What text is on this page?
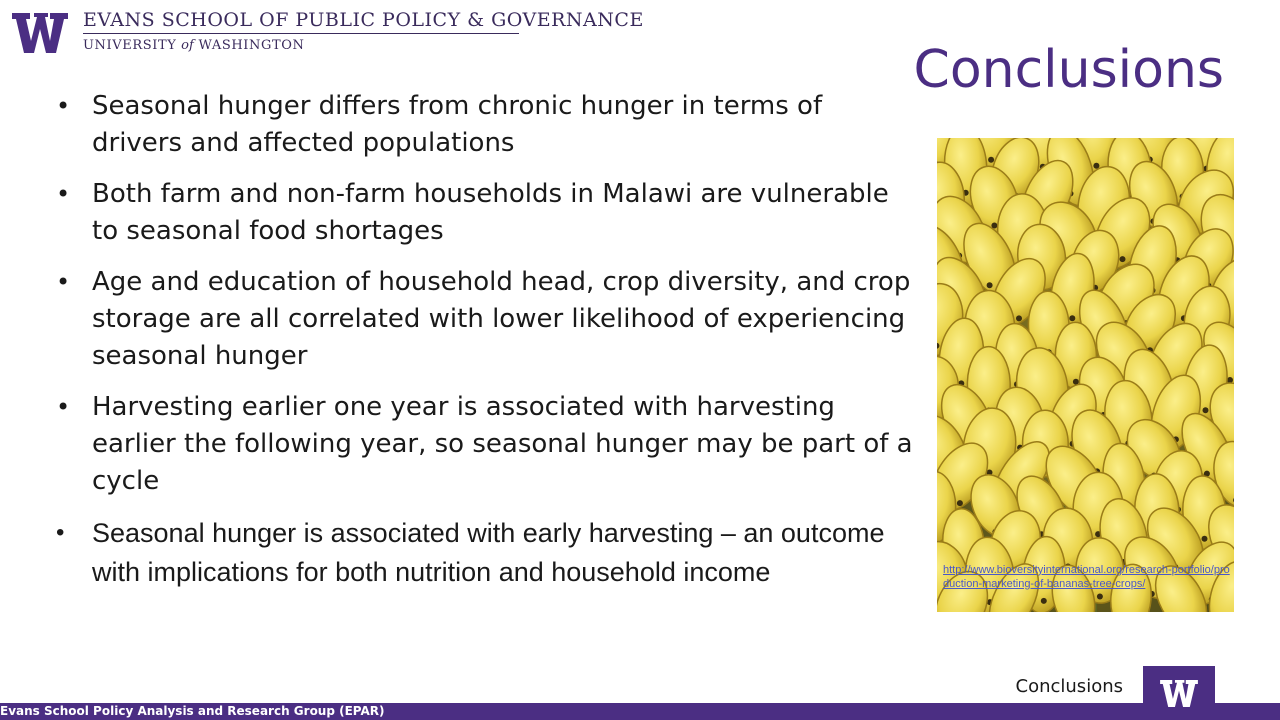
EVANS SCHOOL OF PUBLIC POLICY & GOVERNANCE
UNIVERSITY of WASHINGTON	Conclusions
• Seasonal hunger differs from chronic hunger in terms of drivers and affected populations
• Both farm and non-farm households in Malawi are vulnerable to seasonal food shortages
• Age and education of household head, crop diversity, and crop storage are all correlated with lower likelihood of experiencing seasonal hunger
• Harvesting earlier one year is associated with harvesting earlier the following year, so seasonal hunger may be part of a cycle
• Seasonal hunger is associated with early harvesting – an outcome with implications for both nutrition and household income	http://www.bioversityinternational.org/research-portfolio/production-marketing-of-bananas-tree-crops/
Evans School Policy Analysis and Research Group (EPAR)
Conclusions
